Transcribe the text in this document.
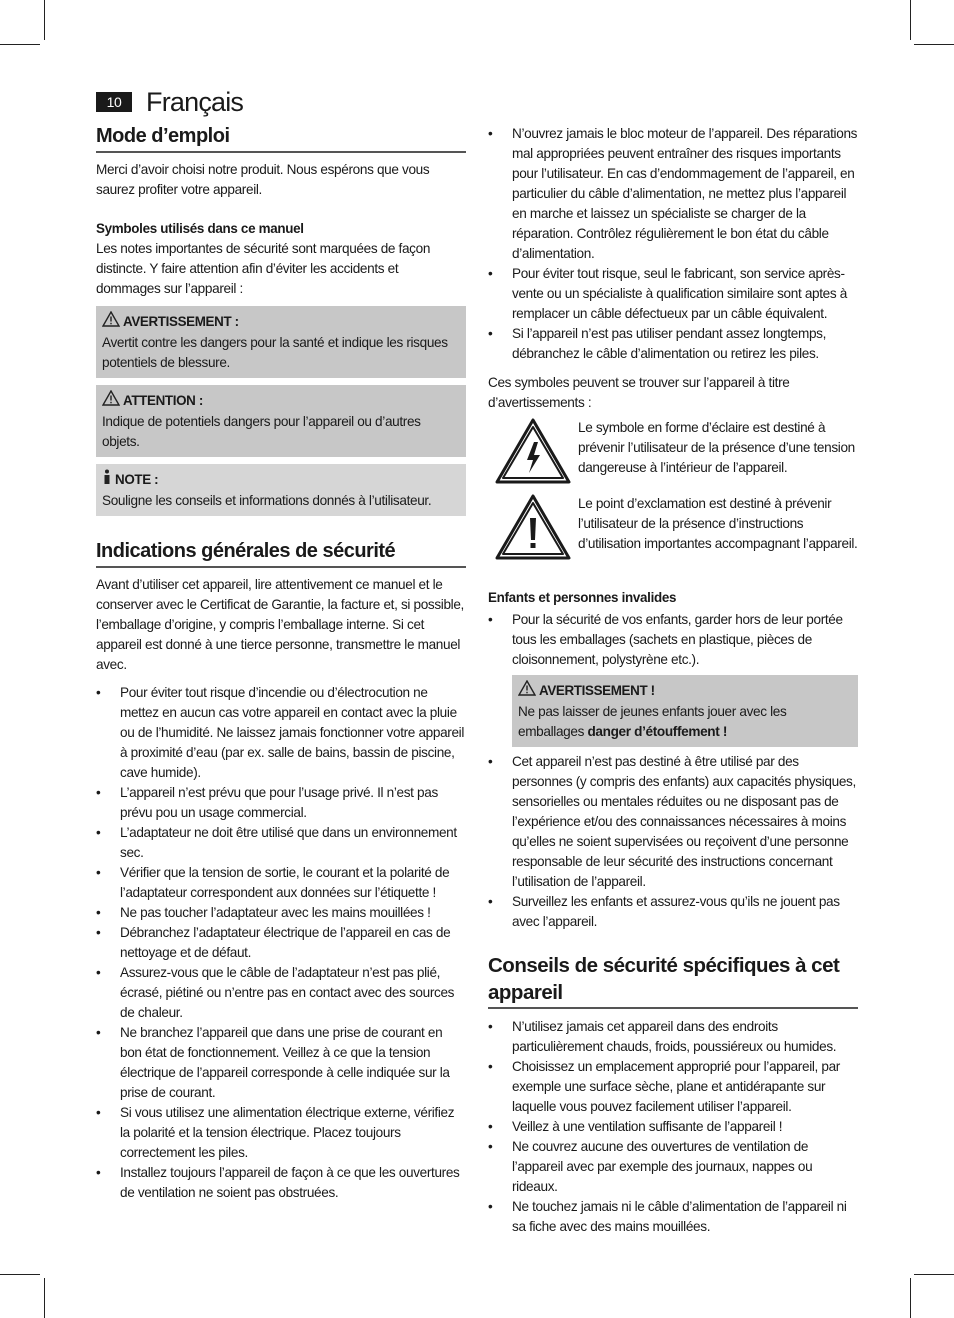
10 Français
Mode d’emploi

Merci d’avoir choisi notre produit. Nous espérons que vous saurez profiter votre appareil.

Symboles utilisés dans ce manuel

Les notes importantes de sécurité sont marquées de façon distincte. Y faire attention afin d’éviter les accidents et dommages sur l’appareil :

AVERTISSEMENT :

Avertit contre les dangers pour la santé et indique les risques potentiels de blessure.

ATTENTION :

Indique de potentiels dangers pour l’appareil ou d’autres objets.

NOTE :

Souligne les conseils et informations donnés à l’utilisateur.

Indications générales de sécurité

Avant d’utiliser cet appareil, lire attentivement ce manuel et le conserver avec le Certificat de Garantie, la facture et, si possible, l’emballage d’origine, y compris l’emballage interne. Si cet appareil est donné à une tierce personne, transmettre le manuel avec.

• Pour éviter tout risque d’incendie ou d’électrocution ne mettez en aucun cas votre appareil en contact avec la pluie ou de l’humidité. Ne laissez jamais fonctionner votre appareil à proximité d’eau (par ex. salle de bains, bassin de piscine, cave humide).
• L’appareil n’est prévu que pour l’usage privé. Il n’est pas prévu pou un usage commercial.
• L’adaptateur ne doit être utilisé que dans un environnement sec.
• Vérifier que la tension de sortie, le courant et la polarité de l’adaptateur correspondent aux données sur l’étiquette !
• Ne pas toucher l’adaptateur avec les mains mouillées !
• Débranchez l’adaptateur électrique de l’appareil en cas de nettoyage et de défaut.
• Assurez-vous que le câble de l’adaptateur n’est pas plié, écrasé, piétiné ou n’entre pas en contact avec des sources de chaleur.
• Ne branchez l’appareil que dans une prise de courant en bon état de fonctionnement. Veillez à ce que la tension électrique de l’appareil corresponde à celle indiquée sur la prise de courant.
• Si vous utilisez une alimentation électrique externe, vérifiez la polarité et la tension électrique. Placez toujours correctement les piles.
• Installez toujours l’appareil de façon à ce que les ouvertures de ventilation ne soient pas obstruées.
• N’ouvrez jamais le bloc moteur de l’appareil. Des réparations mal appropriées peuvent entraîner des risques importants pour l’utilisateur. En cas d’endommagement de l’appareil, en particulier du câble d’alimentation, ne mettez plus l’appareil en marche et laissez un spécialiste se charger de la réparation. Contrôlez régulièrement le bon état du câble d’alimentation.
• Pour éviter tout risque, seul le fabricant, son service après-vente ou un spécialiste à qualification similaire sont aptes à remplacer un câble défectueux par un câble équivalent.
• Si l’appareil n’est pas utiliser pendant assez longtemps, débranchez le câble d’alimentation ou retirez les piles.

Ces symboles peuvent se trouver sur l’appareil à titre d’avertissements :

Le symbole en forme d’éclaire est destiné à prévenir l’utilisateur de la présence d’une tension dangereuse à l’intérieur de l’appareil.

Le point d’exclamation est destiné à prévenir l’utilisateur de la présence d’instructions d’utilisation importantes accompagnant l’appareil.

Enfants et personnes invalides

• Pour la sécurité de vos enfants, garder hors de leur portée tous les emballages (sachets en plastique, pièces de cloisonnement, polystyrène etc.).
AVERTISSEMENT !

Ne pas laisser de jeunes enfants jouer avec les emballages danger d’étouffement !

• Cet appareil n’est pas destiné à être utilisé par des personnes (y compris des enfants) aux capacités physiques, sensorielles ou mentales réduites ou ne disposant pas de l’expérience et/ou des connaissances nécessaires à moins qu’elles ne soient supervisées ou reçoivent d’une personne responsable de leur sécurité des instructions concernant l’utilisation de l’appareil.
• Surveillez les enfants et assurez-vous qu’ils ne jouent pas avec l’appareil.
Conseils de sécurité spécifiques à cet appareil
• N’utilisez jamais cet appareil dans des endroits particulièrement chauds, froids, poussiéreux ou humides.
• Choisissez un emplacement approprié pour l’appareil, par exemple une surface sèche, plane et antidérapante sur laquelle vous pouvez facilement utiliser l’appareil.
• Veillez à une ventilation suffisante de l’appareil !
• Ne couvrez aucune des ouvertures de ventilation de l’appareil avec par exemple des journaux, nappes ou rideaux.
• Ne touchez jamais ni le câble d’alimentation de l’appareil ni sa fiche avec des mains mouillées.
